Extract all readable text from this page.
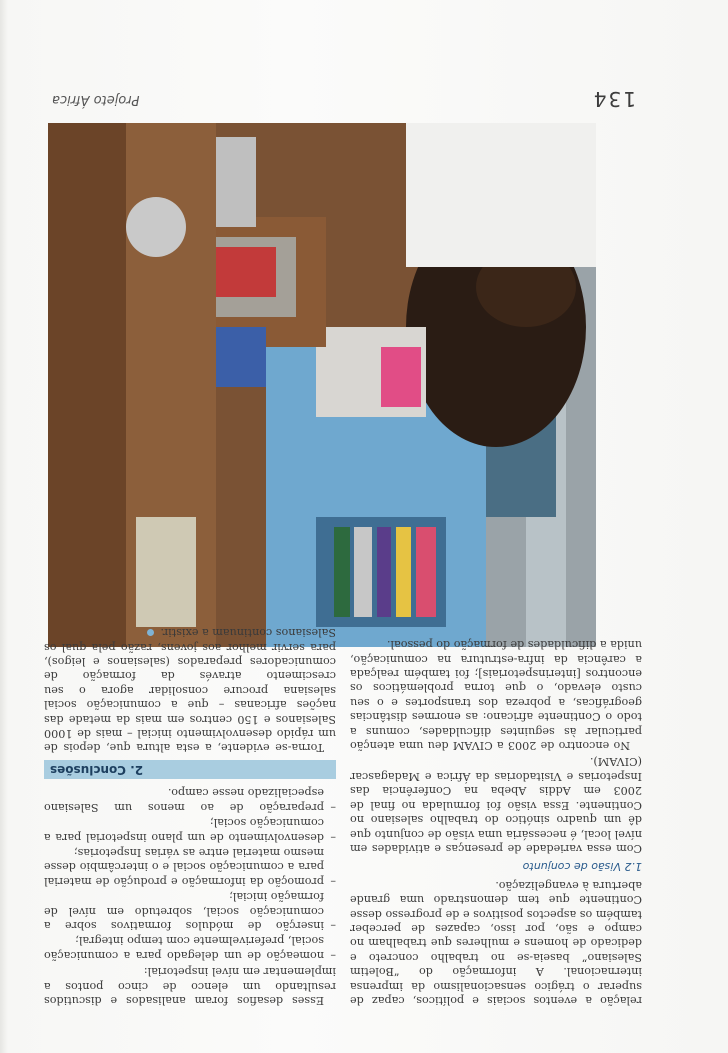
134
Projeto África

relação a eventos sociais e políticos, capaz de superar o trágico sensacionalismo da imprensa internacional. A informação do “Boletim Salesiano” baseia-se no trabalho concreto e dedicado de homens e mulheres que trabalham no campo e são, por isso, capazes de perceber também os aspectos positivos e de progresso desse Continente que tem demonstrado uma grande abertura à evangelização.

1.2 Visão de conjunto

Com essa variedade de presenças e atividades em nível local, é necessária uma visão de conjunto que dê um quadro sinótico do trabalho salesiano no Continente. Essa visão foi formulada no final de 2003 em Addis Abeba na Conferência das Inspetorias e Visitadorias da África e Madagascar (CIVAM).

No encontro de 2003 a CIVAM deu uma atenção particular às seguintes dificuldades, comuns a todo o Continente africano: as enormes distâncias geográficas, a pobreza dos transportes e o seu custo elevado, o que torna problemáticos os encontros [interinspetoriais]; foi também realçada a carência da infra-estrutura na comunicação, unida a dificuldades de formação do pessoal.

Esses desafios foram analisados e discutidos resultando um elenco de cinco pontos a implementar em nível inspetorial:

– nomeação de um delegado para a comunicação social, preferivelmente com tempo integral;
– inserção de módulos formativos sobre a comunicação social, sobretudo em nível de formação inicial;
– promoção da informação e produção de material para a comunicação social e o intercâmbio desse mesmo material entre as várias Inspetorias;
– desenvolvimento de um plano inspetorial para a comunicação social;
– preparação de ao menos um Salesiano especializado nesse campo.
2. Conclusões

Torna-se evidente, a esta altura que, depois de um rápido desenvolvimento inicial – mais de 1000 Salesianos e 150 centros em mais da metade das nações africanas – que a comunicação social salesiana procure consolidar agora o seu crescimento através da formação de comunicadores preparados (salesianos e leigos), para servir melhor aos jovens, razão pela qual os Salesianos continuam a existir.
